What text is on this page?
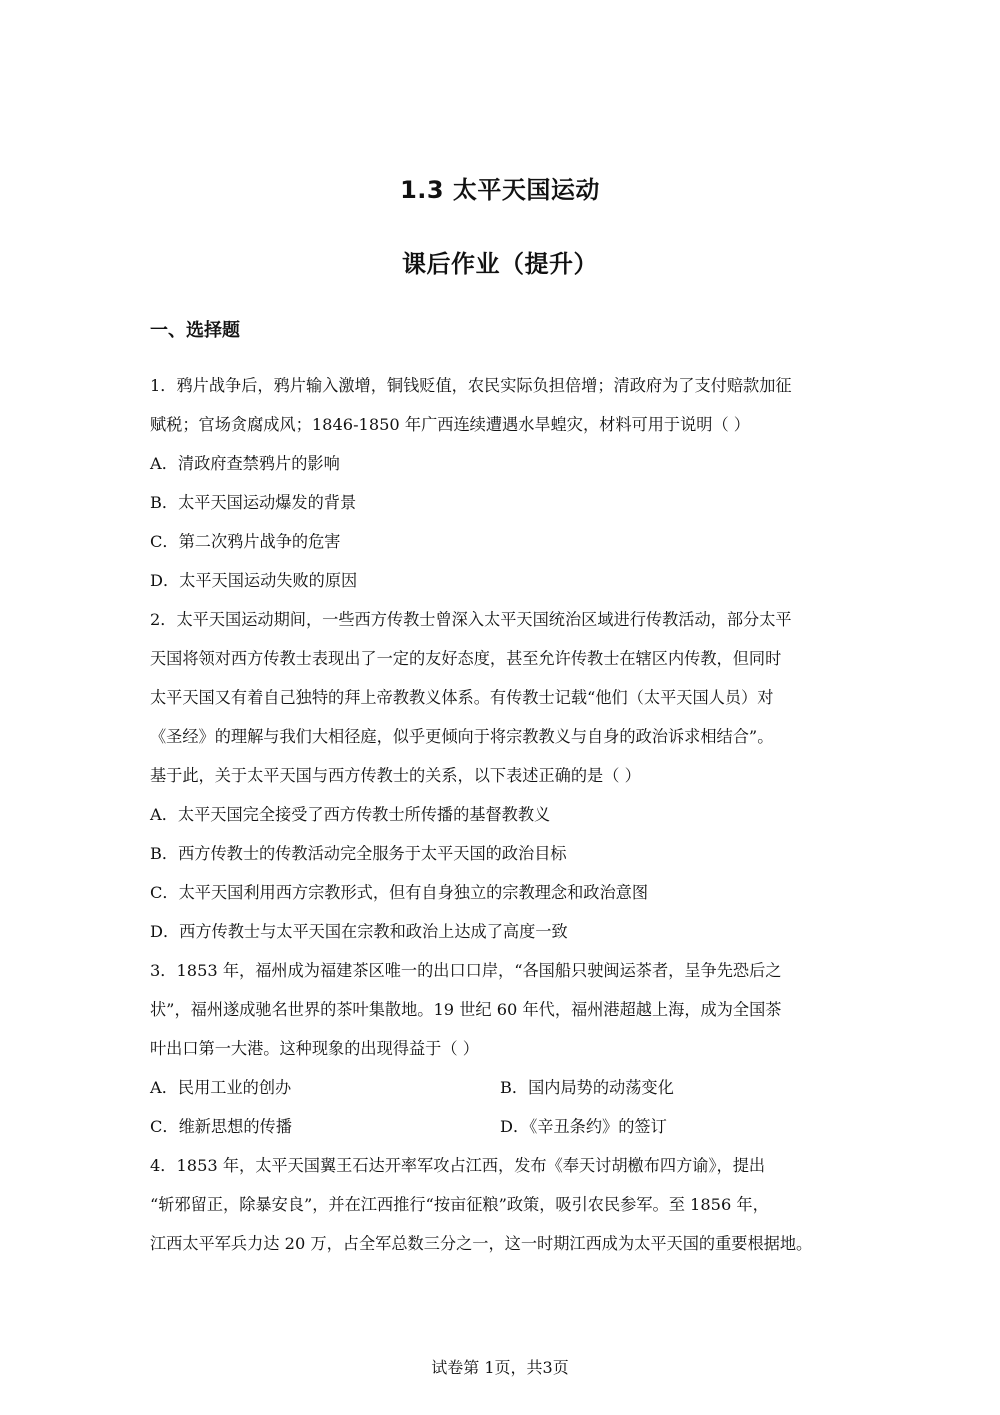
1.3 太平天国运动
课后作业（提升）
一、选择题
1．鸦片战争后，鸦片输入激增，铜钱贬值，农民实际负担倍增；清政府为了支付赔款加征
赋税；官场贪腐成风；1846-1850 年广西连续遭遇水旱蝗灾，材料可用于说明（ ）
A．清政府查禁鸦片的影响
B．太平天国运动爆发的背景
C．第二次鸦片战争的危害
D．太平天国运动失败的原因
2．太平天国运动期间，一些西方传教士曾深入太平天国统治区域进行传教活动，部分太平
天国将领对西方传教士表现出了一定的友好态度，甚至允许传教士在辖区内传教，但同时
太平天国又有着自己独特的拜上帝教教义体系。有传教士记载“他们（太平天国人员）对
《圣经》的理解与我们大相径庭，似乎更倾向于将宗教教义与自身的政治诉求相结合”。
基于此，关于太平天国与西方传教士的关系，以下表述正确的是（ ）
A．太平天国完全接受了西方传教士所传播的基督教教义
B．西方传教士的传教活动完全服务于太平天国的政治目标
C．太平天国利用西方宗教形式，但有自身独立的宗教理念和政治意图
D．西方传教士与太平天国在宗教和政治上达成了高度一致
3．1853 年，福州成为福建茶区唯一的出口口岸，“各国船只驶闽运茶者，呈争先恐后之
状”，福州遂成驰名世界的茶叶集散地。19 世纪 60 年代，福州港超越上海，成为全国茶
叶出口第一大港。这种现象的出现得益于（ ）
A．民用工业的创办	B．国内局势的动荡变化
C．维新思想的传播	D．《辛丑条约》的签订
4．1853 年，太平天国翼王石达开率军攻占江西，发布《奉天讨胡檄布四方谕》，提出
“斩邪留正，除暴安良”，并在江西推行“按亩征粮”政策，吸引农民参军。至 1856 年，
江西太平军兵力达 20 万，占全军总数三分之一，这一时期江西成为太平天国的重要根据地。
试卷第 1页，共3页
